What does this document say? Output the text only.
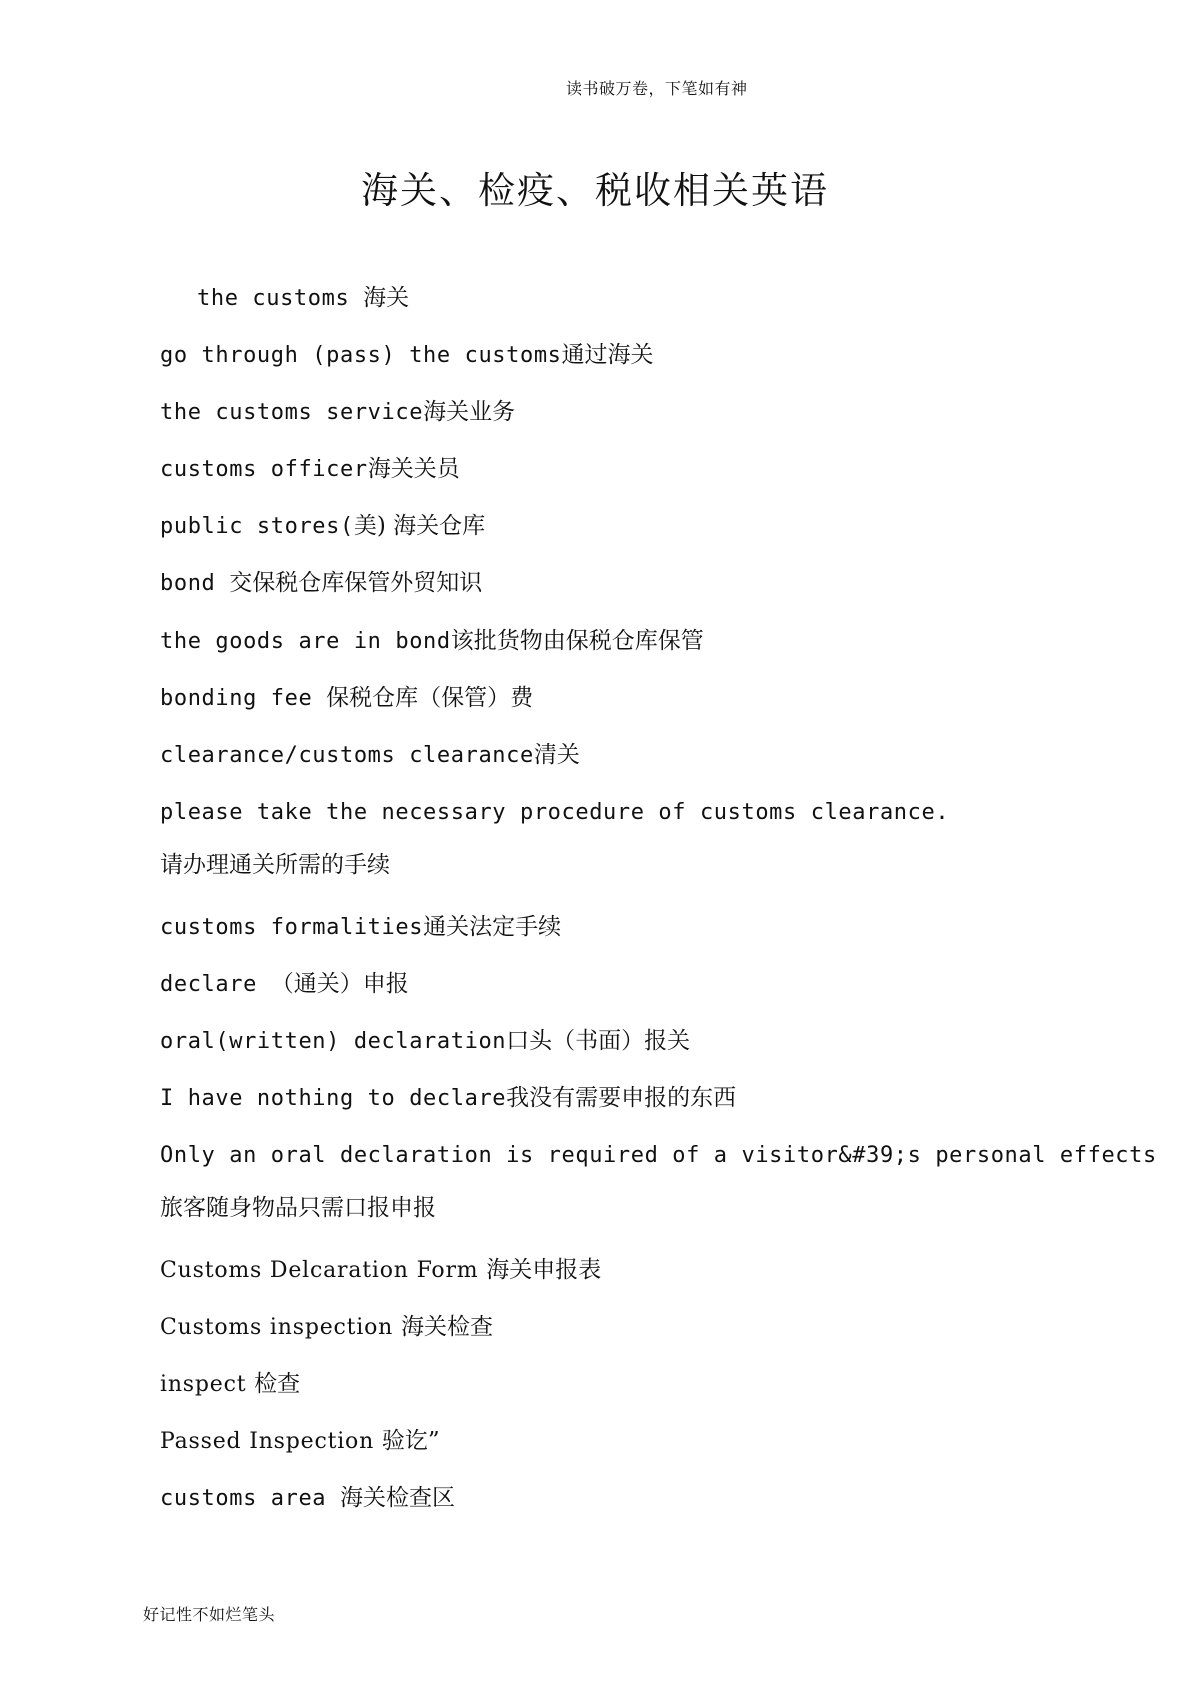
读书破万卷，下笔如有神
海关、检疫、税收相关英语
the customs 海关
go through (pass) the customs通过海关
the customs service海关业务
customs officer海关关员
public stores(美) 海关仓库
bond 交保税仓库保管外贸知识
the goods are in bond该批货物由保税仓库保管
bonding fee 保税仓库（保管）费
clearance/customs clearance清关
please take the necessary procedure of customs clearance.
请办理通关所需的手续
customs formalities通关法定手续
declare （通关）申报
oral(written) declaration口头（书面）报关
I have nothing to declare我没有需要申报的东西
Only an oral declaration is required of a visitor&#39;s personal effects
旅客随身物品只需口报申报
Customs Delcaration Form 海关申报表
Customs inspection 海关检查
inspect 检查
Passed Inspection 验讫”
customs area 海关检查区
好记性不如烂笔头
